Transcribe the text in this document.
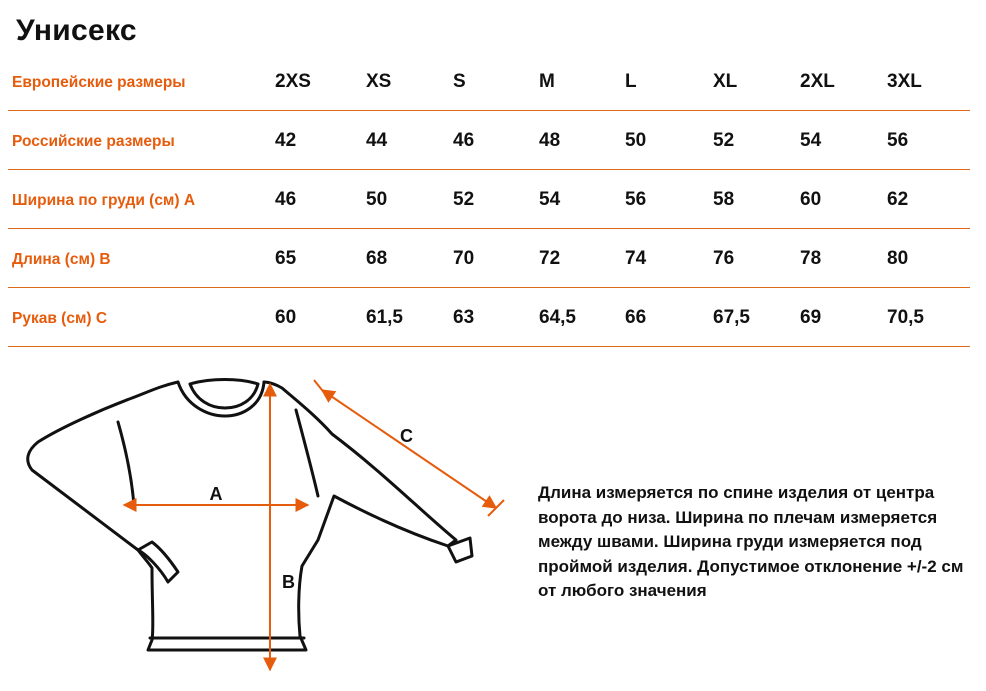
Унисекс
Европейские размеры	2XS	XS	S	M	L	XL	2XL	3XL
Российские размеры	42	44	46	48	50	52	54	56
Ширина по груди (см) А	46	50	52	54	56	58	60	62
Длина (см) В	65	68	70	72	74	76	78	80
Рукав (см) С	60	61,5	63	64,5	66	67,5	69	70,5
A
B
C
Длина измеряется по спине изделия от центра ворота до низа. Ширина по плечам измеряется между швами. Ширина груди измеряется под проймой изделия. Допустимое отклонение +/-2 см от любого значения
